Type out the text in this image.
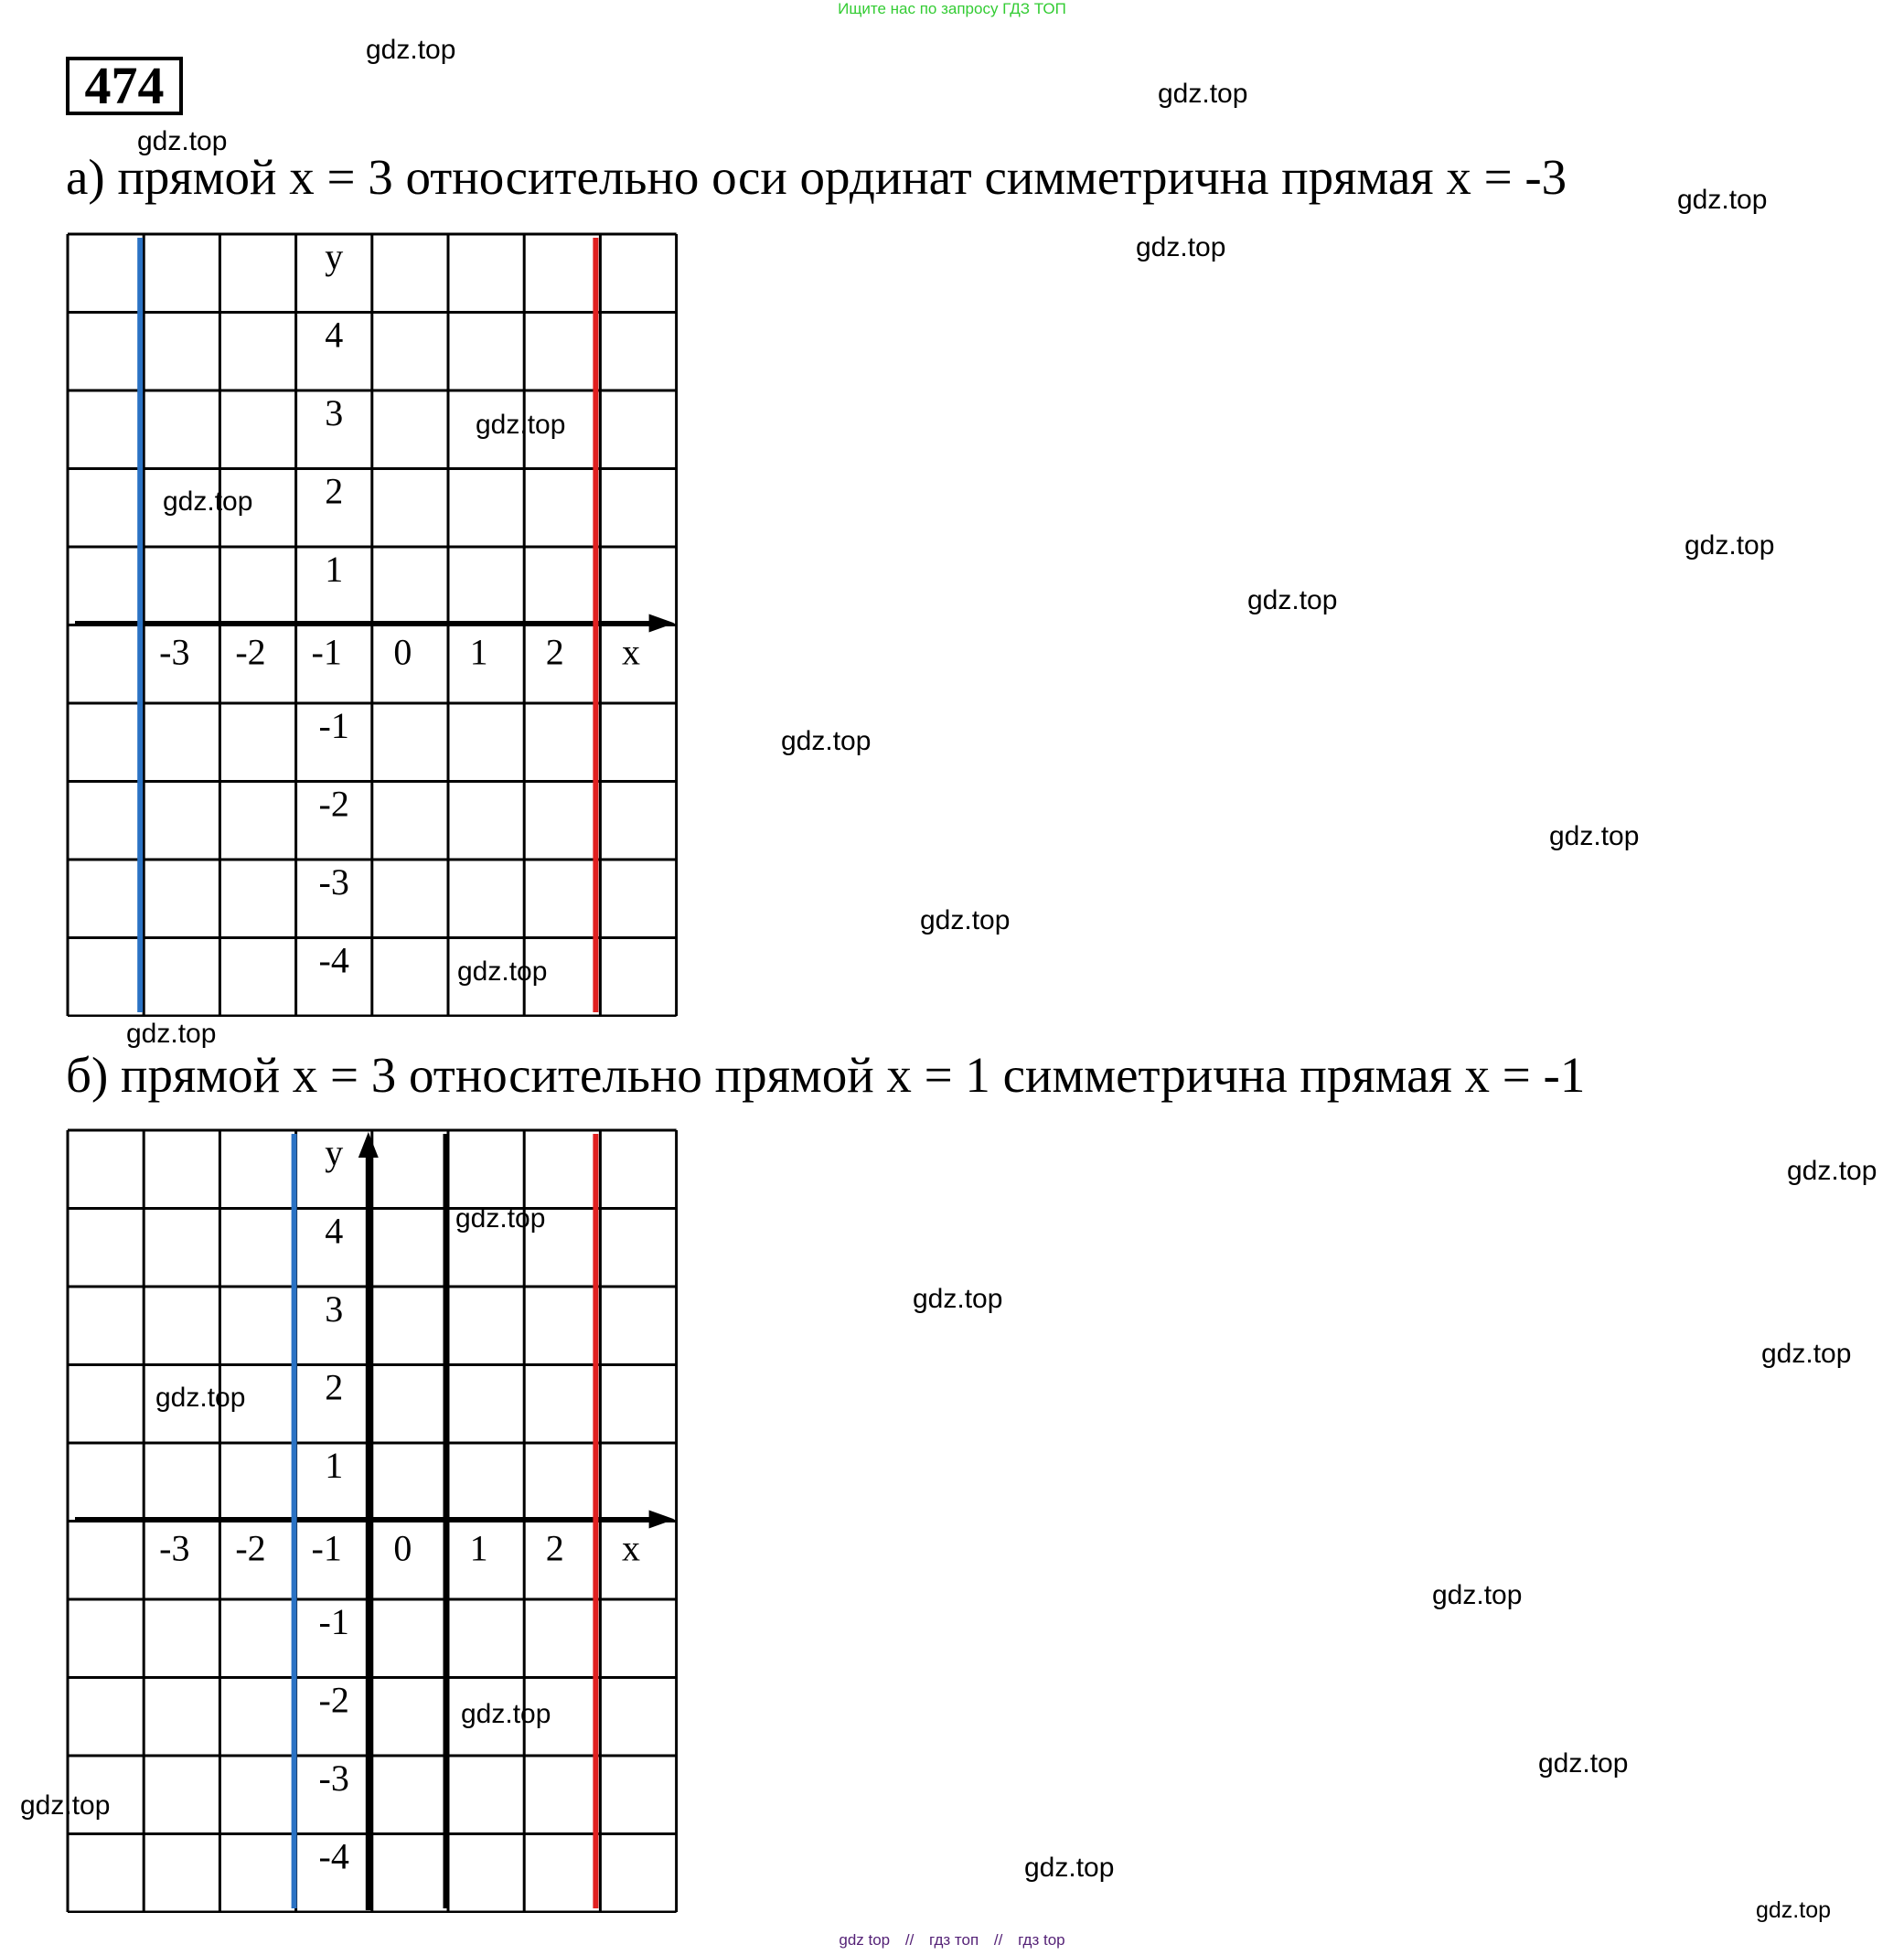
Ищите нас по запросу ГДЗ ТОП
474
а) прямой x = 3 относительно оси ординат симметрична прямая x = -3
-3 -2 -1 0 1 2 x
y
4
3
2
1
-1
-2
-3
-4
б) прямой x = 3 относительно прямой x = 1 симметрична прямая x = -1
-3 -2 -1 0 1 2 x
y
4
3
2
1
-1
-2
-3
-4
gdz.top
gdz.top
gdz.top
gdz.top
gdz.top
gdz.top
gdz.top
gdz.top
gdz.top
gdz.top
gdz.top
gdz.top
gdz.top
gdz.top
gdz.top
gdz.top
gdz.top
gdz.top
gdz.top
gdz.top
gdz.top
gdz.top
gdz.top
gdz.top
gdz.top
gdz top // гдз топ // гдз top
